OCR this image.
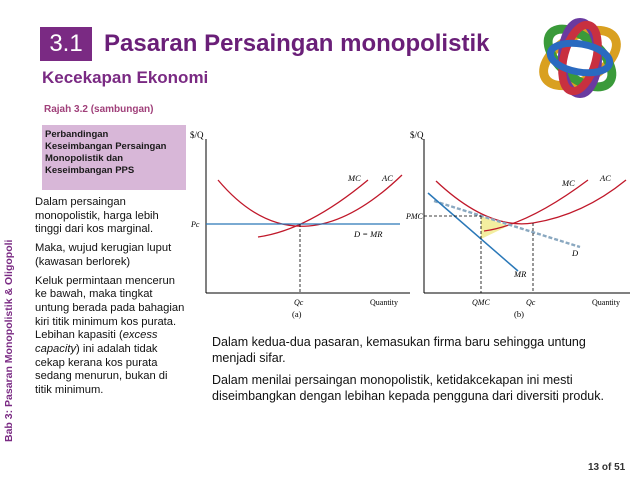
3.1 Pasaran Persaingan monopolistik
Kecekapan Ekonomi
Rajah 3.2 (sambungan)
Perbandingan
Keseimbangan Persaingan
Monopolistik dan
Keseimbangan PPS
Bab 3: Pasaran Monopolistik & Oligopoli

Dalam persaingan monopolistik, harga lebih tinggi dari kos marginal.

Maka, wujud kerugian luput (kawasan berlorek)

Keluk permintaan mencerun ke bawah, maka tingkat untung berada pada bahagian kiri titik minimum kos purata. Lebihan kapasiti (excess capacity) ini adalah tidak cekap kerana kos purata sedang menurun, bukan di titik minimum.

$/Q
MC	AC
D = MR
Pc
Qc	Quantity
(a)
$/Q
MC	AC
D
MR
PMC
QMC	Qc	Quantity
(b)

Dalam kedua-dua pasaran, kemasukan firma baru sehingga untung menjadi sifar.

Dalam menilai persaingan monopolistik, ketidakcekapan ini mesti diseimbangkan dengan lebihan kepada pengguna dari diversiti produk.

13 of 51
